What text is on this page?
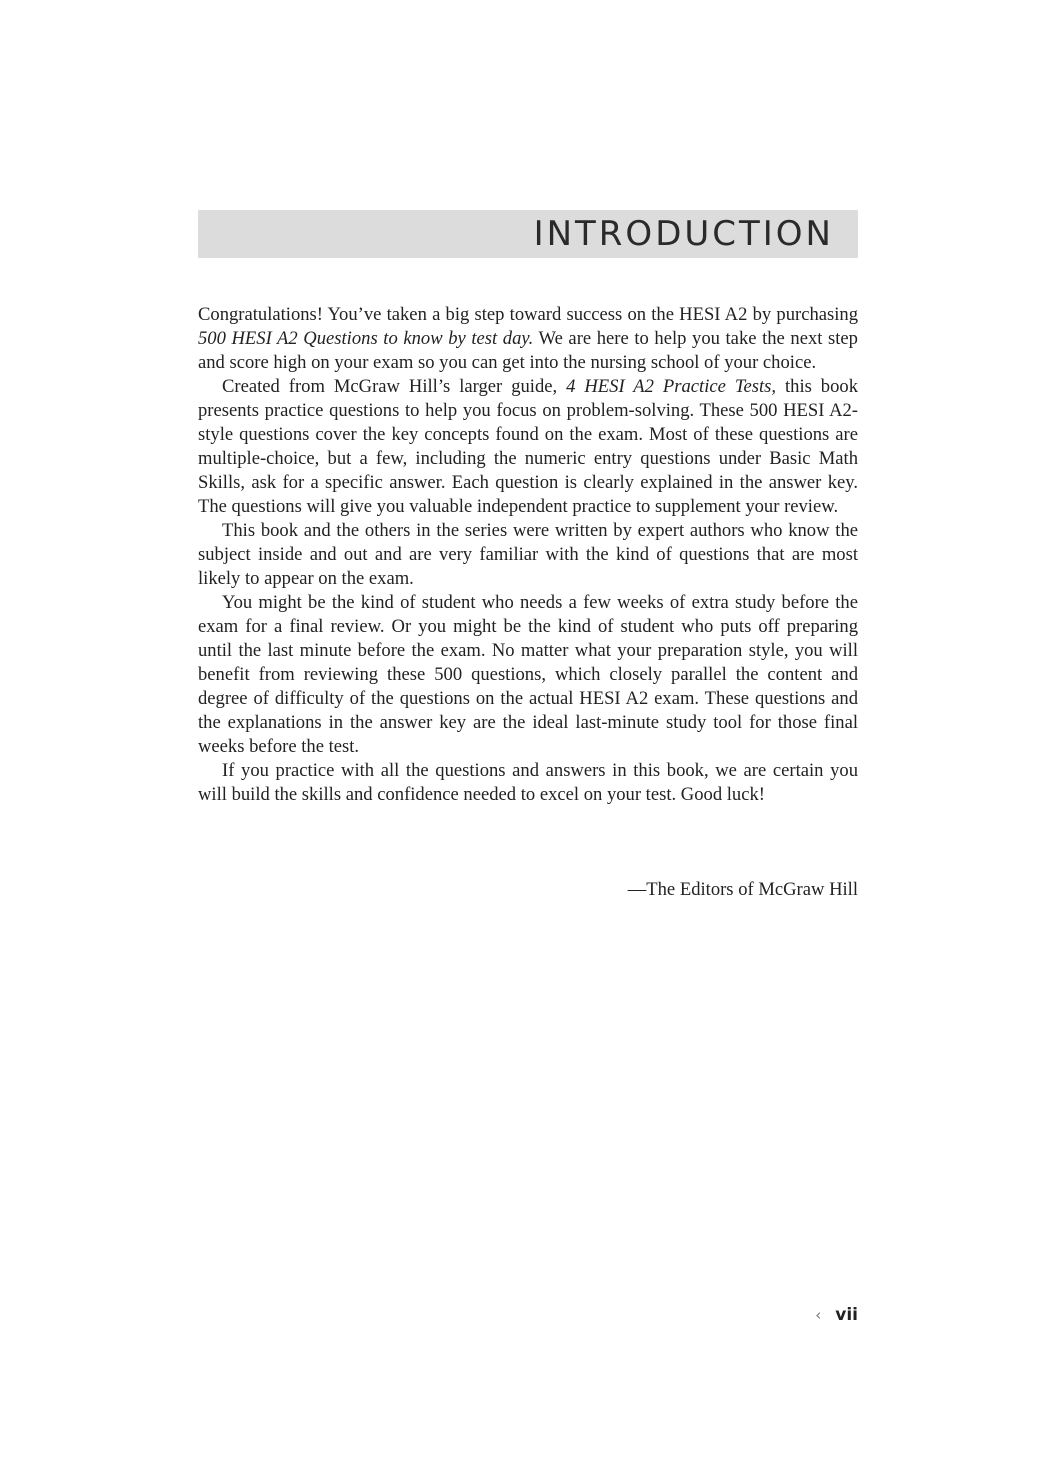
INTRODUCTION

Congratulations! You’ve taken a big step toward success on the HESI A2 by purchasing 500 HESI A2 Questions to know by test day. We are here to help you take the next step and score high on your exam so you can get into the nursing school of your choice.

Created from McGraw Hill’s larger guide, 4 HESI A2 Practice Tests, this book presents practice questions to help you focus on problem-solving. These 500 HESI A2-style questions cover the key concepts found on the exam. Most of these questions are multiple-choice, but a few, including the numeric entry questions under Basic Math Skills, ask for a specific answer. Each question is clearly explained in the answer key. The questions will give you valuable independent practice to supplement your review.

This book and the others in the series were written by expert authors who know the subject inside and out and are very familiar with the kind of questions that are most likely to appear on the exam.

You might be the kind of student who needs a few weeks of extra study before the exam for a final review. Or you might be the kind of student who puts off preparing until the last minute before the exam. No matter what your preparation style, you will benefit from reviewing these 500 questions, which closely parallel the content and degree of difficulty of the questions on the actual HESI A2 exam. These questions and the explanations in the answer key are the ideal last-minute study tool for those final weeks before the test.

If you practice with all the questions and answers in this book, we are certain you will build the skills and confidence needed to excel on your test. Good luck!

—The Editors of McGraw Hill
‹ vii
